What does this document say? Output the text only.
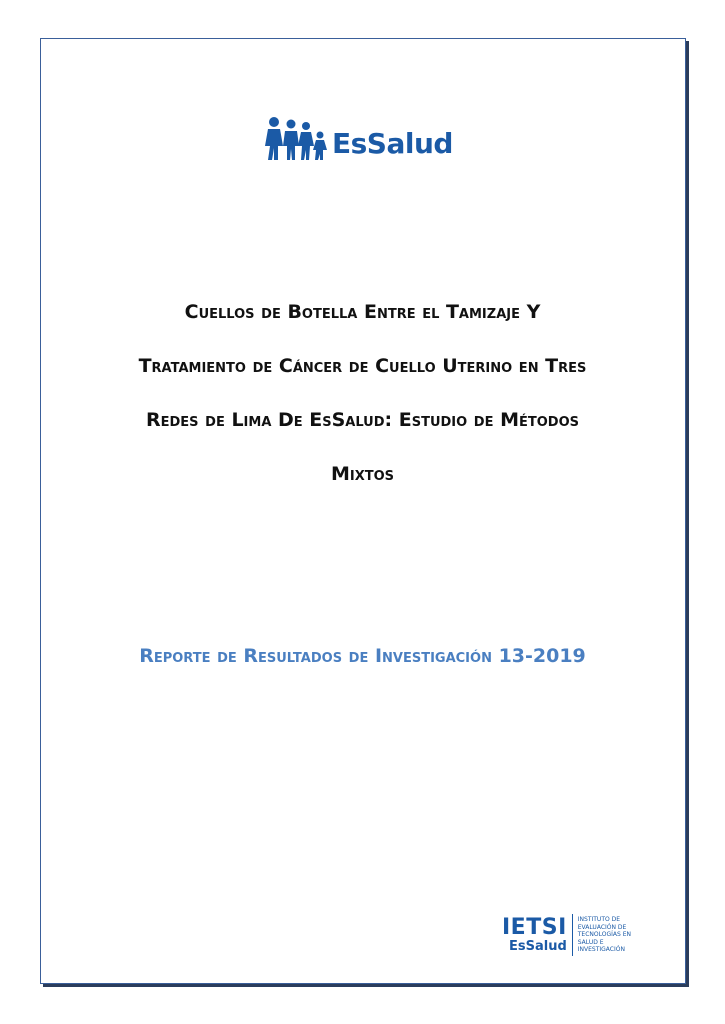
EsSalud
Cuellos de Botella Entre el Tamizaje Y
Tratamiento de Cáncer de Cuello Uterino en Tres
Redes de Lima De EsSalud: Estudio de Métodos
Mixtos
Reporte de Resultados de Investigación 13-2019
IETSI
EsSalud
INSTITUTO DE
EVALUACIÓN DE
TECNOLOGÍAS EN
SALUD E
INVESTIGACIÓN
